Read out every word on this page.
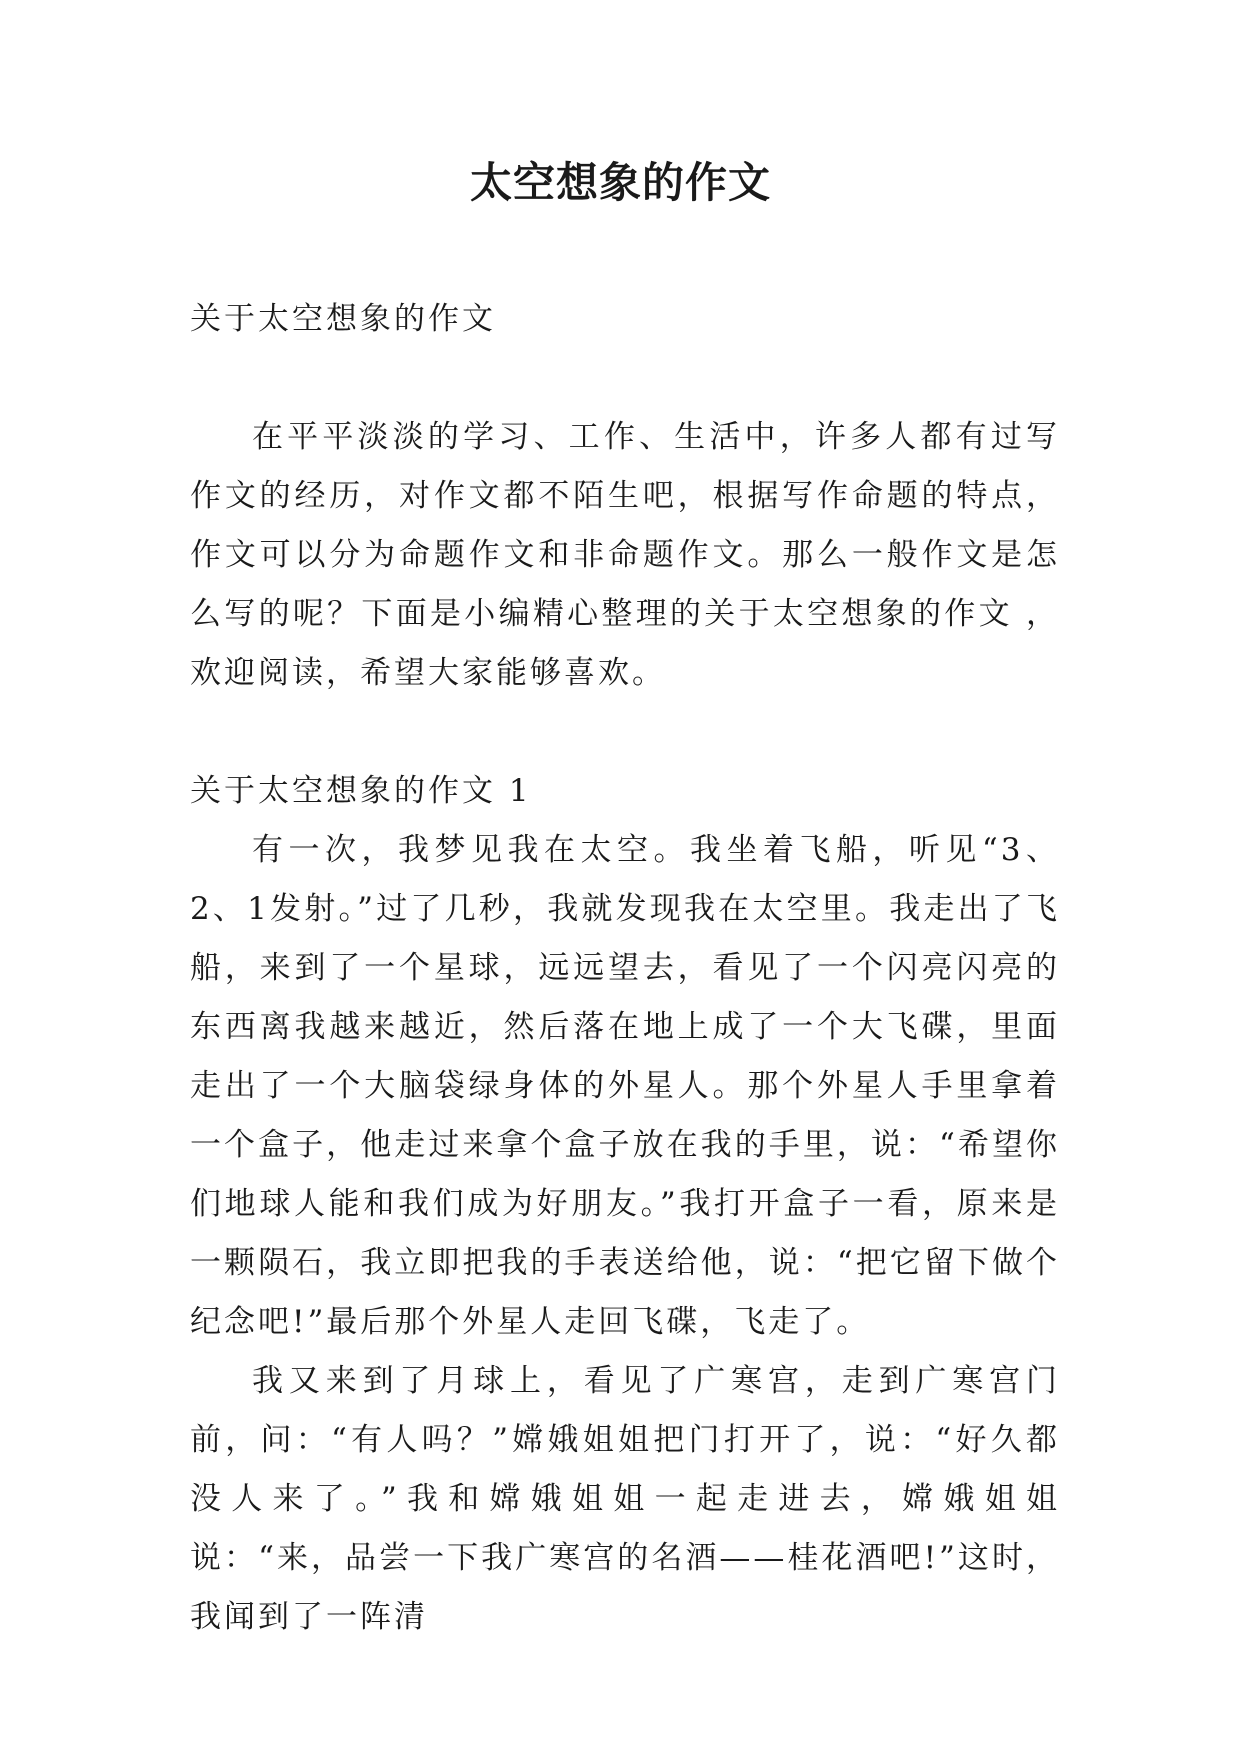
太空想象的作文

关于太空想象的作文

在平平淡淡的学习、工作、生活中，许多人都有过写作文的经历，对作文都不陌生吧，根据写作命题的特点，作文可以分为命题作文和非命题作文。那么一般作文是怎么写的呢？下面是小编精心整理的关于太空想象的作文 ，欢迎阅读，希望大家能够喜欢。

关于太空想象的作文 1

有一次，我梦见我在太空。我坐着飞船，听见“3、2、1发射。”过了几秒，我就发现我在太空里。我走出了飞船，来到了一个星球，远远望去，看见了一个闪亮闪亮的东西离我越来越近，然后落在地上成了一个大飞碟，里面走出了一个大脑袋绿身体的外星人。那个外星人手里拿着一个盒子，他走过来拿个盒子放在我的手里，说：“希望你们地球人能和我们成为好朋友。”我打开盒子一看，原来是一颗陨石，我立即把我的手表送给他，说：“把它留下做个纪念吧!”最后那个外星人走回飞碟，飞走了。

我又来到了月球上，看见了广寒宫，走到广寒宫门前，问：“有人吗？”嫦娥姐姐把门打开了，说：“好久都没人来了。”我和嫦娥姐姐一起走进去，嫦娥姐姐说：“来，品尝一下我广寒宫的名酒——桂花酒吧!”这时，我闻到了一阵清
